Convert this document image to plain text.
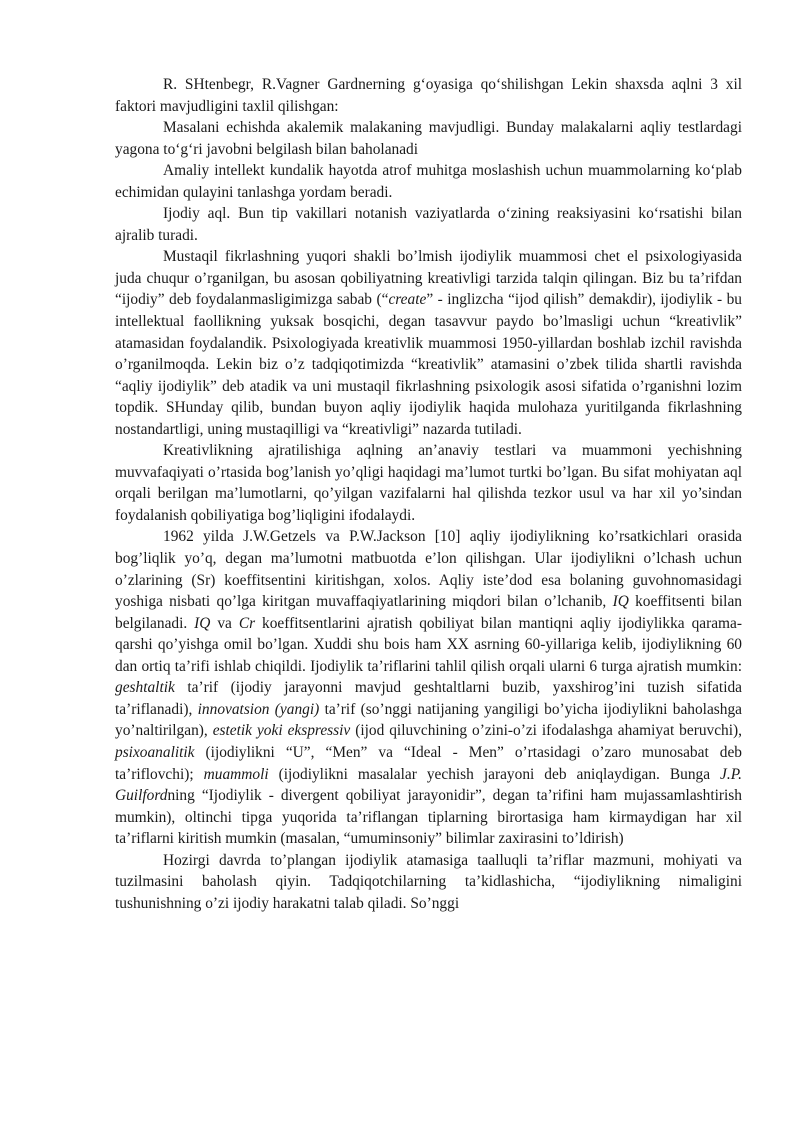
R. SHtenbegr, R.Vagner Gardnerning g‘oyasiga qo‘shilishgan Lekin shaxsda aqlni 3 xil faktori mavjudligini taxlil qilishgan:

Masalani echishda akalemik malakaning mavjudligi. Bunday malakalarni aqliy testlardagi yagona to‘g‘ri javobni belgilash bilan baholanadi

Amaliy intellekt kundalik hayotda atrof muhitga moslashish uchun muammolarning ko‘plab echimidan qulayini tanlashga yordam beradi.

Ijodiy aql. Bun tip vakillari notanish vaziyatlarda o‘zining reaksiyasini ko‘rsatishi bilan ajralib turadi.

Mustaqil fikrlashning yuqori shakli bo’lmish ijodiylik muammosi chet el psixologiyasida juda chuqur o’rganilgan, bu asosan qobiliyatning kreativligi tarzida talqin qilingan. Biz bu ta’rifdan “ijodiy” deb foydalanmasligimizga sabab (“create” - inglizcha “ijod qilish” demakdir), ijodiylik - bu intellektual faollikning yuksak bosqichi, degan tasavvur paydo bo’lmasligi uchun “kreativlik” atamasidan foydalandik. Psixologiyada kreativlik muammosi 1950-yillardan boshlab izchil ravishda o’rganilmoqda. Lekin biz o’z tadqiqotimizda “kreativlik” atamasini o’zbek tilida shartli ravishda “aqliy ijodiylik” deb atadik va uni mustaqil fikrlashning psixologik asosi sifatida o’rganishni lozim topdik. SHunday qilib, bundan buyon aqliy ijodiylik haqida mulohaza yuritilganda fikrlashning nostandartligi, uning mustaqilligi va “kreativligi” nazarda tutiladi.

Kreativlikning ajratilishiga aqlning an’anaviy testlari va muammoni yechishning muvvafaqiyati o’rtasida bog’lanish yo’qligi haqidagi ma’lumot turtki bo’lgan. Bu sifat mohiyatan aql orqali berilgan ma’lumotlarni, qo’yilgan vazifalarni hal qilishda tezkor usul va har xil yo’sindan foydalanish qobiliyatiga bog’liqligini ifodalaydi.

1962 yilda J.W.Getzels va P.W.Jackson [10] aqliy ijodiylikning ko’rsatkichlari orasida bog’liqlik yo’q, degan ma’lumotni matbuotda e’lon qilishgan. Ular ijodiylikni o’lchash uchun o’zlarining (Sr) koeffitsentini kiritishgan, xolos. Aqliy iste’dod esa bolaning guvohnomasidagi yoshiga nisbati qo’lga kiritgan muvaffaqiyatlarining miqdori bilan o’lchanib, IQ koeffitsenti bilan belgilanadi. IQ va Cr koeffitsentlarini ajratish qobiliyat bilan mantiqni aqliy ijodiylikka qarama-qarshi qo’yishga omil bo’lgan. Xuddi shu bois ham XX asrning 60-yillariga kelib, ijodiylikning 60 dan ortiq ta’rifi ishlab chiqildi. Ijodiylik ta’riflarini tahlil qilish orqali ularni 6 turga ajratish mumkin: geshtaltik ta’rif (ijodiy jarayonni mavjud geshtaltlarni buzib, yaxshirog’ini tuzish sifatida ta’riflanadi), innovatsion (yangi) ta’rif (so’nggi natijaning yangiligi bo’yicha ijodiylikni baholashga yo’naltirilgan), estetik yoki ekspressiv (ijod qiluvchining o’zini-o’zi ifodalashga ahamiyat beruvchi), psixoanalitik (ijodiylikni “U”, “Men” va “Ideal - Men” o’rtasidagi o’zaro munosabat deb ta’riflovchi); muammoli (ijodiylikni masalalar yechish jarayoni deb aniqlaydigan. Bunga J.P. Guilfordning “Ijodiylik - divergent qobiliyat jarayonidir”, degan ta’rifini ham mujassamlashtirish mumkin), oltinchi tipga yuqorida ta’riflangan tiplarning birortasiga ham kirmaydigan har xil ta’riflarni kiritish mumkin (masalan, “umuminsoniy” bilimlar zaxirasini to’ldirish)

Hozirgi davrda to’plangan ijodiylik atamasiga taalluqli ta’riflar mazmuni, mohiyati va tuzilmasini baholash qiyin. Tadqiqotchilarning ta’kidlashicha, “ijodiylikning nimaligini tushunishning o’zi ijodiy harakatni talab qiladi. So’nggi
